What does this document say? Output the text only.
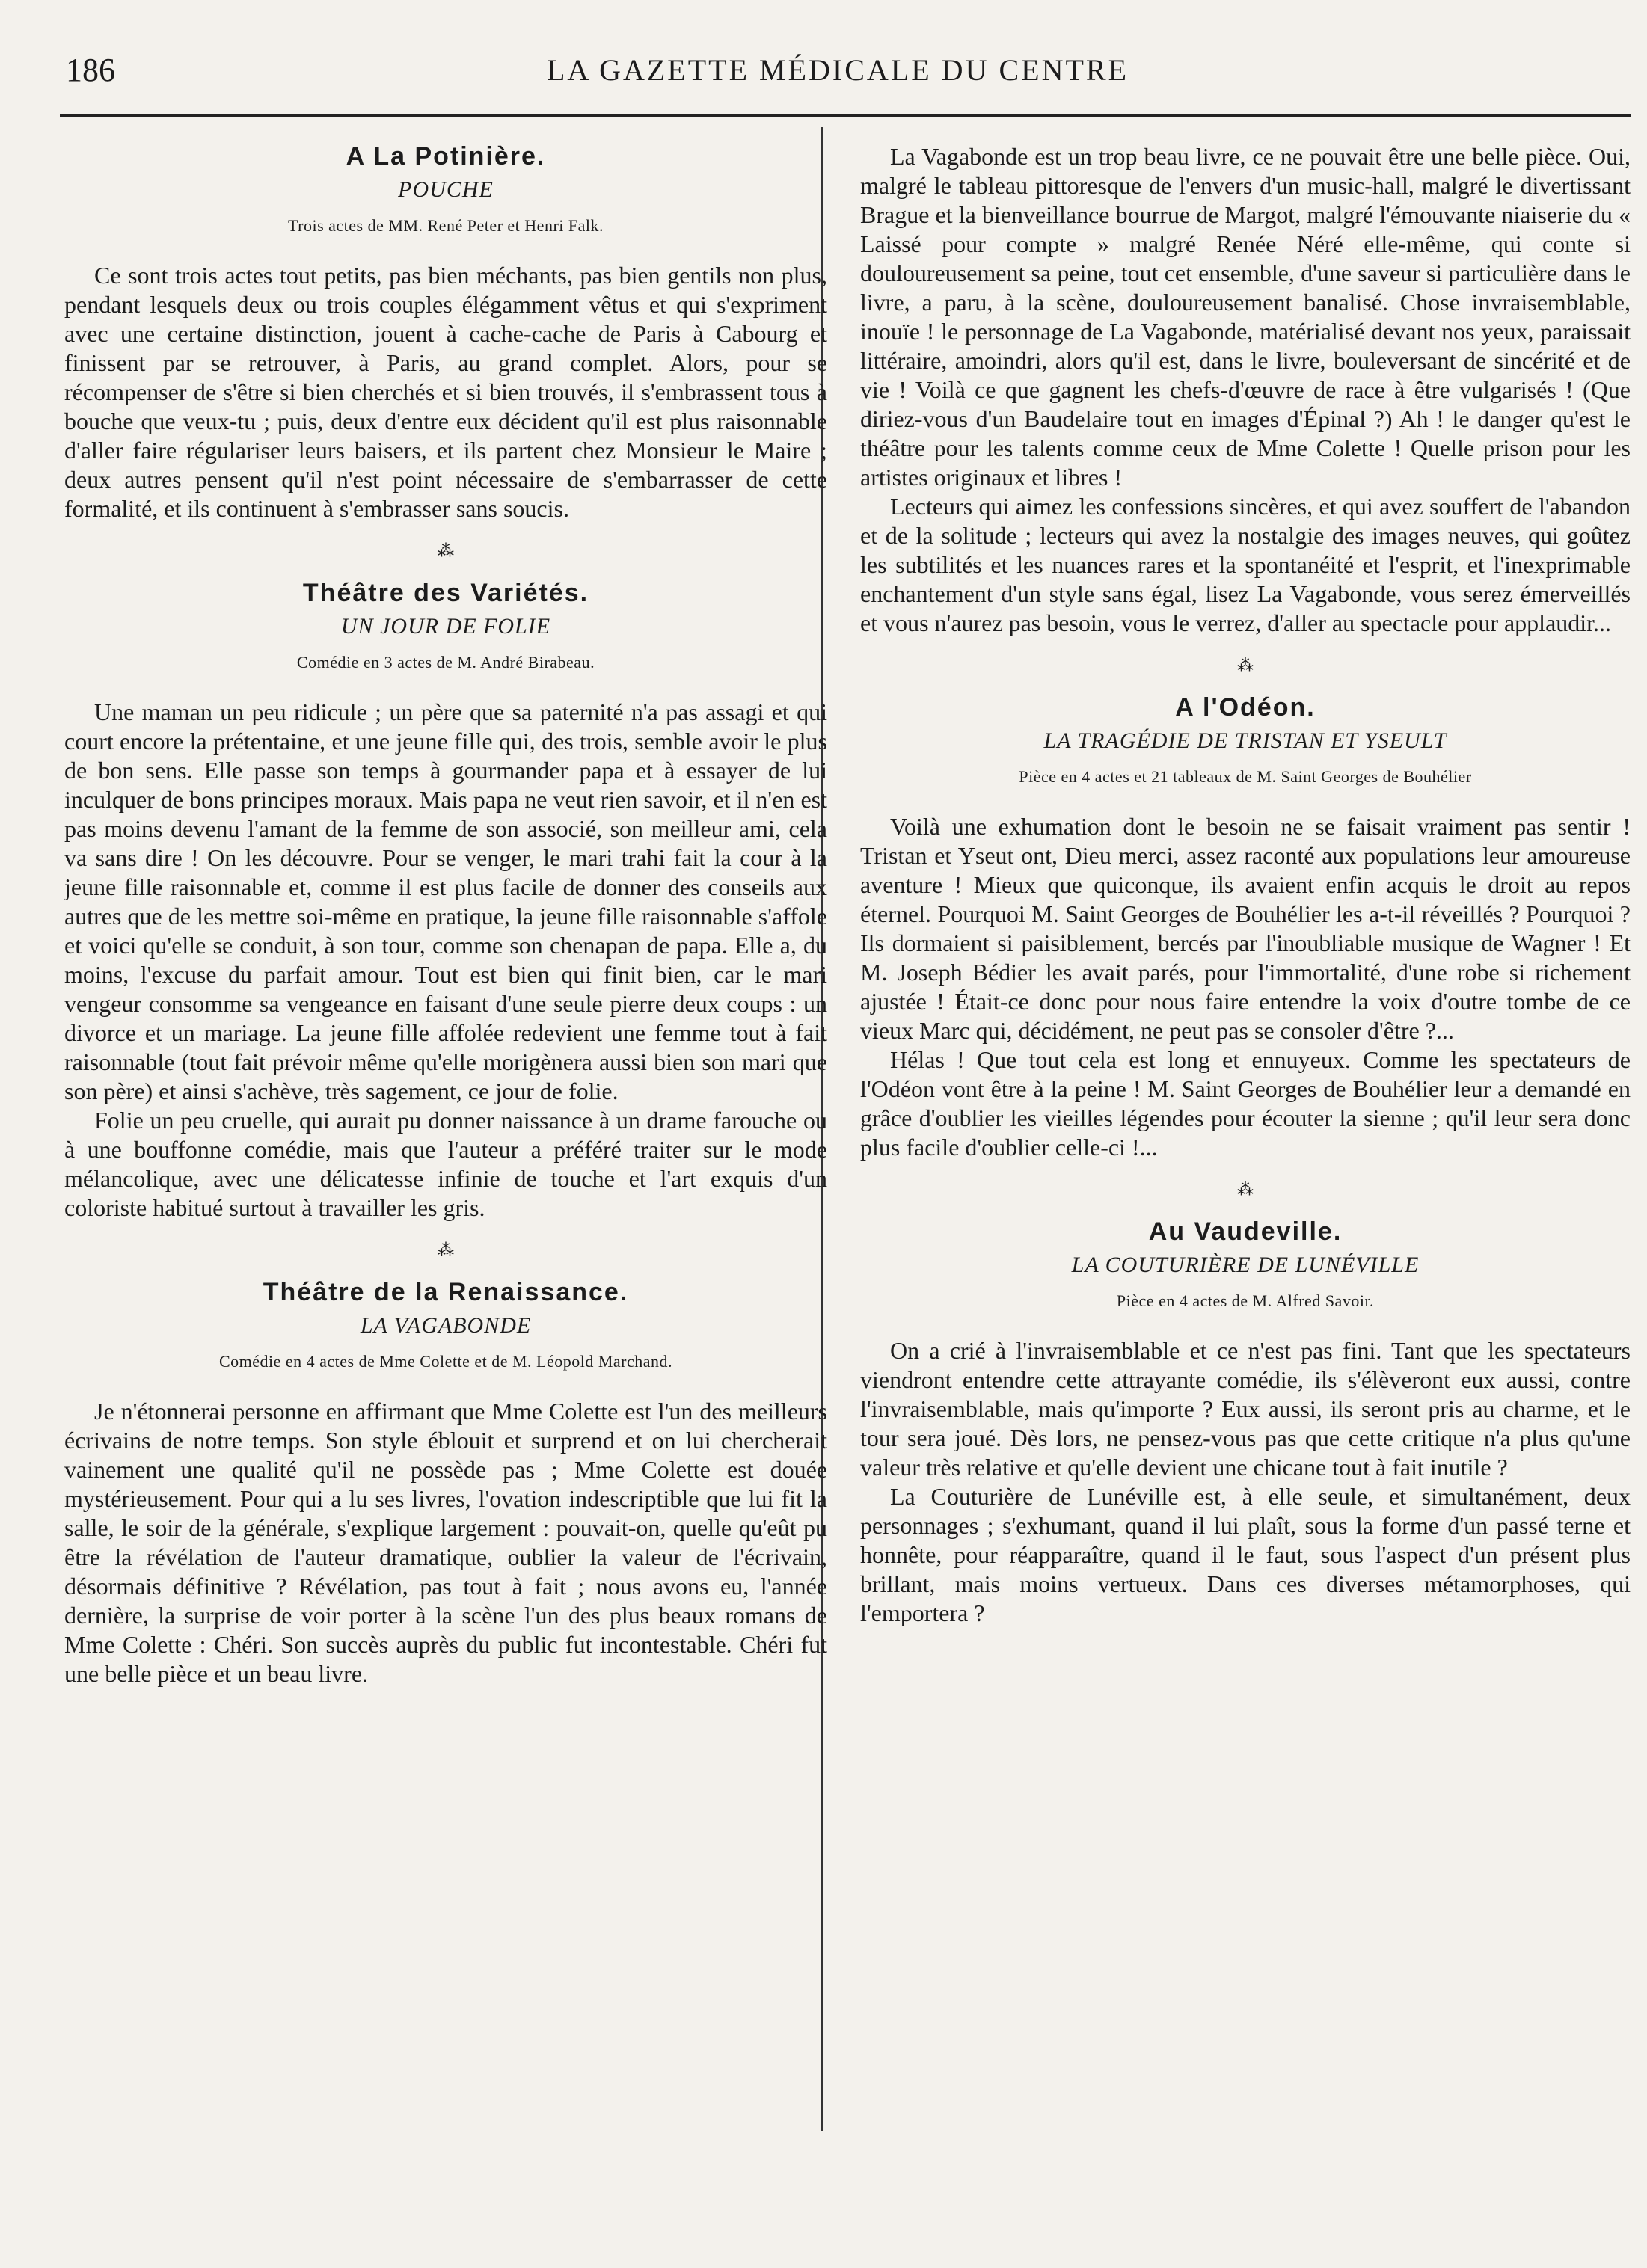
186	LA GAZETTE MÉDICALE DU CENTRE
A La Potinière.
POUCHE
Trois actes de MM. René Peter et Henri Falk.

Ce sont trois actes tout petits, pas bien méchants, pas bien gentils non plus, pendant lesquels deux ou trois couples élégamment vêtus et qui s'expriment avec une certaine distinction, jouent à cache-cache de Paris à Cabourg et finissent par se retrouver, à Paris, au grand complet. Alors, pour se récompenser de s'être si bien cherchés et si bien trouvés, il s'embrassent tous à bouche que veux-tu ; puis, deux d'entre eux décident qu'il est plus raisonnable d'aller faire régulariser leurs baisers, et ils partent chez Monsieur le Maire ; deux autres pensent qu'il n'est point nécessaire de s'embarrasser de cette formalité, et ils continuent à s'embrasser sans soucis.

⁂
Théâtre des Variétés.
UN JOUR DE FOLIE
Comédie en 3 actes de M. André Birabeau.

Une maman un peu ridicule ; un père que sa paternité n'a pas assagi et qui court encore la prétentaine, et une jeune fille qui, des trois, semble avoir le plus de bon sens. Elle passe son temps à gourmander papa et à essayer de lui inculquer de bons principes moraux. Mais papa ne veut rien savoir, et il n'en est pas moins devenu l'amant de la femme de son associé, son meilleur ami, cela va sans dire ! On les découvre. Pour se venger, le mari trahi fait la cour à la jeune fille raisonnable et, comme il est plus facile de donner des conseils aux autres que de les mettre soi-même en pratique, la jeune fille raisonnable s'affole et voici qu'elle se conduit, à son tour, comme son chenapan de papa. Elle a, du moins, l'excuse du parfait amour. Tout est bien qui finit bien, car le mari vengeur consomme sa vengeance en faisant d'une seule pierre deux coups : un divorce et un mariage. La jeune fille affolée redevient une femme tout à fait raisonnable (tout fait prévoir même qu'elle morigènera aussi bien son mari que son père) et ainsi s'achève, très sagement, ce jour de folie.

Folie un peu cruelle, qui aurait pu donner naissance à un drame farouche ou à une bouffonne comédie, mais que l'auteur a préféré traiter sur le mode mélancolique, avec une délicatesse infinie de touche et l'art exquis d'un coloriste habitué surtout à travailler les gris.

⁂
Théâtre de la Renaissance.
LA VAGABONDE
Comédie en 4 actes de Mme Colette et de M. Léopold Marchand.

Je n'étonnerai personne en affirmant que Mme Colette est l'un des meilleurs écrivains de notre temps. Son style éblouit et surprend et on lui chercherait vainement une qualité qu'il ne possède pas ; Mme Colette est douée mystérieusement. Pour qui a lu ses livres, l'ovation indescriptible que lui fit la salle, le soir de la générale, s'explique largement : pouvait-on, quelle qu'eût pu être la révélation de l'auteur dramatique, oublier la valeur de l'écrivain, désormais définitive ? Révélation, pas tout à fait ; nous avons eu, l'année dernière, la surprise de voir porter à la scène l'un des plus beaux romans de Mme Colette : Chéri. Son succès auprès du public fut incontestable. Chéri fut une belle pièce et un beau livre.

La Vagabonde est un trop beau livre, ce ne pouvait être une belle pièce. Oui, malgré le tableau pittoresque de l'envers d'un music-hall, malgré le divertissant Brague et la bienveillance bourrue de Margot, malgré l'émouvante niaiserie du « Laissé pour compte » malgré Renée Néré elle-même, qui conte si douloureusement sa peine, tout cet ensemble, d'une saveur si particulière dans le livre, a paru, à la scène, douloureusement banalisé. Chose invraisemblable, inouïe ! le personnage de La Vagabonde, matérialisé devant nos yeux, paraissait littéraire, amoindri, alors qu'il est, dans le livre, bouleversant de sincérité et de vie ! Voilà ce que gagnent les chefs-d'œuvre de race à être vulgarisés ! (Que diriez-vous d'un Baudelaire tout en images d'Épinal ?) Ah ! le danger qu'est le théâtre pour les talents comme ceux de Mme Colette ! Quelle prison pour les artistes originaux et libres !

Lecteurs qui aimez les confessions sincères, et qui avez souffert de l'abandon et de la solitude ; lecteurs qui avez la nostalgie des images neuves, qui goûtez les subtilités et les nuances rares et la spontanéité et l'esprit, et l'inexprimable enchantement d'un style sans égal, lisez La Vagabonde, vous serez émerveillés et vous n'aurez pas besoin, vous le verrez, d'aller au spectacle pour applaudir...

⁂
A l'Odéon.
LA TRAGÉDIE DE TRISTAN ET YSEULT
Pièce en 4 actes et 21 tableaux de M. Saint Georges de Bouhélier

Voilà une exhumation dont le besoin ne se faisait vraiment pas sentir ! Tristan et Yseut ont, Dieu merci, assez raconté aux populations leur amoureuse aventure ! Mieux que quiconque, ils avaient enfin acquis le droit au repos éternel. Pourquoi M. Saint Georges de Bouhélier les a-t-il réveillés ? Pourquoi ? Ils dormaient si paisiblement, bercés par l'inoubliable musique de Wagner ! Et M. Joseph Bédier les avait parés, pour l'immortalité, d'une robe si richement ajustée ! Était-ce donc pour nous faire entendre la voix d'outre tombe de ce vieux Marc qui, décidément, ne peut pas se consoler d'être ?...

Hélas ! Que tout cela est long et ennuyeux. Comme les spectateurs de l'Odéon vont être à la peine ! M. Saint Georges de Bouhélier leur a demandé en grâce d'oublier les vieilles légendes pour écouter la sienne ; qu'il leur sera donc plus facile d'oublier celle-ci !...

⁂
Au Vaudeville.
LA COUTURIÈRE DE LUNÉVILLE
Pièce en 4 actes de M. Alfred Savoir.

On a crié à l'invraisemblable et ce n'est pas fini. Tant que les spectateurs viendront entendre cette attrayante comédie, ils s'élèveront eux aussi, contre l'invraisemblable, mais qu'importe ? Eux aussi, ils seront pris au charme, et le tour sera joué. Dès lors, ne pensez-vous pas que cette critique n'a plus qu'une valeur très relative et qu'elle devient une chicane tout à fait inutile ?

La Couturière de Lunéville est, à elle seule, et simultanément, deux personnages ; s'exhumant, quand il lui plaît, sous la forme d'un passé terne et honnête, pour réapparaître, quand il le faut, sous l'aspect d'un présent plus brillant, mais moins vertueux. Dans ces diverses métamorphoses, qui l'emportera ?
